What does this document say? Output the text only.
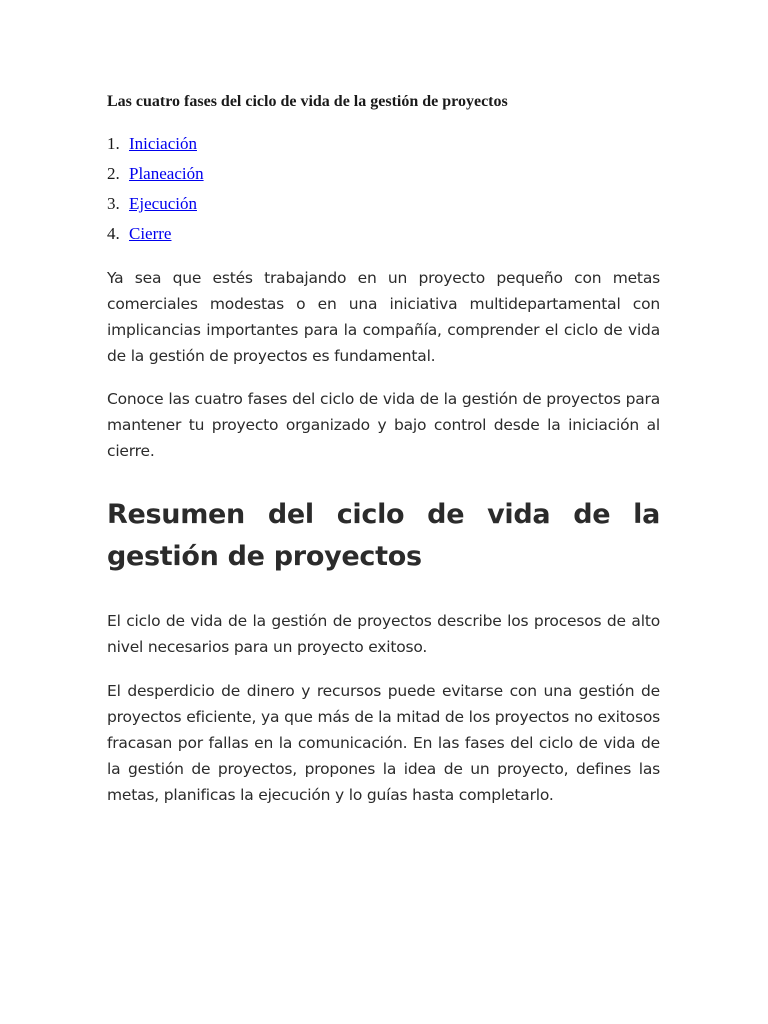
Las cuatro fases del ciclo de vida de la gestión de proyectos
1. Iniciación
2. Planeación
3. Ejecución
4. Cierre

Ya sea que estés trabajando en un proyecto pequeño con metas comerciales modestas o en una iniciativa multidepartamental con implicancias importantes para la compañía, comprender el ciclo de vida de la gestión de proyectos es fundamental.

Conoce las cuatro fases del ciclo de vida de la gestión de proyectos para mantener tu proyecto organizado y bajo control desde la iniciación al cierre.

Resumen del ciclo de vida de la gestión de proyectos

El ciclo de vida de la gestión de proyectos describe los procesos de alto nivel necesarios para un proyecto exitoso.

El desperdicio de dinero y recursos puede evitarse con una gestión de proyectos eficiente, ya que más de la mitad de los proyectos no exitosos fracasan por fallas en la comunicación. En las fases del ciclo de vida de la gestión de proyectos, propones la idea de un proyecto, defines las metas, planificas la ejecución y lo guías hasta completarlo.
